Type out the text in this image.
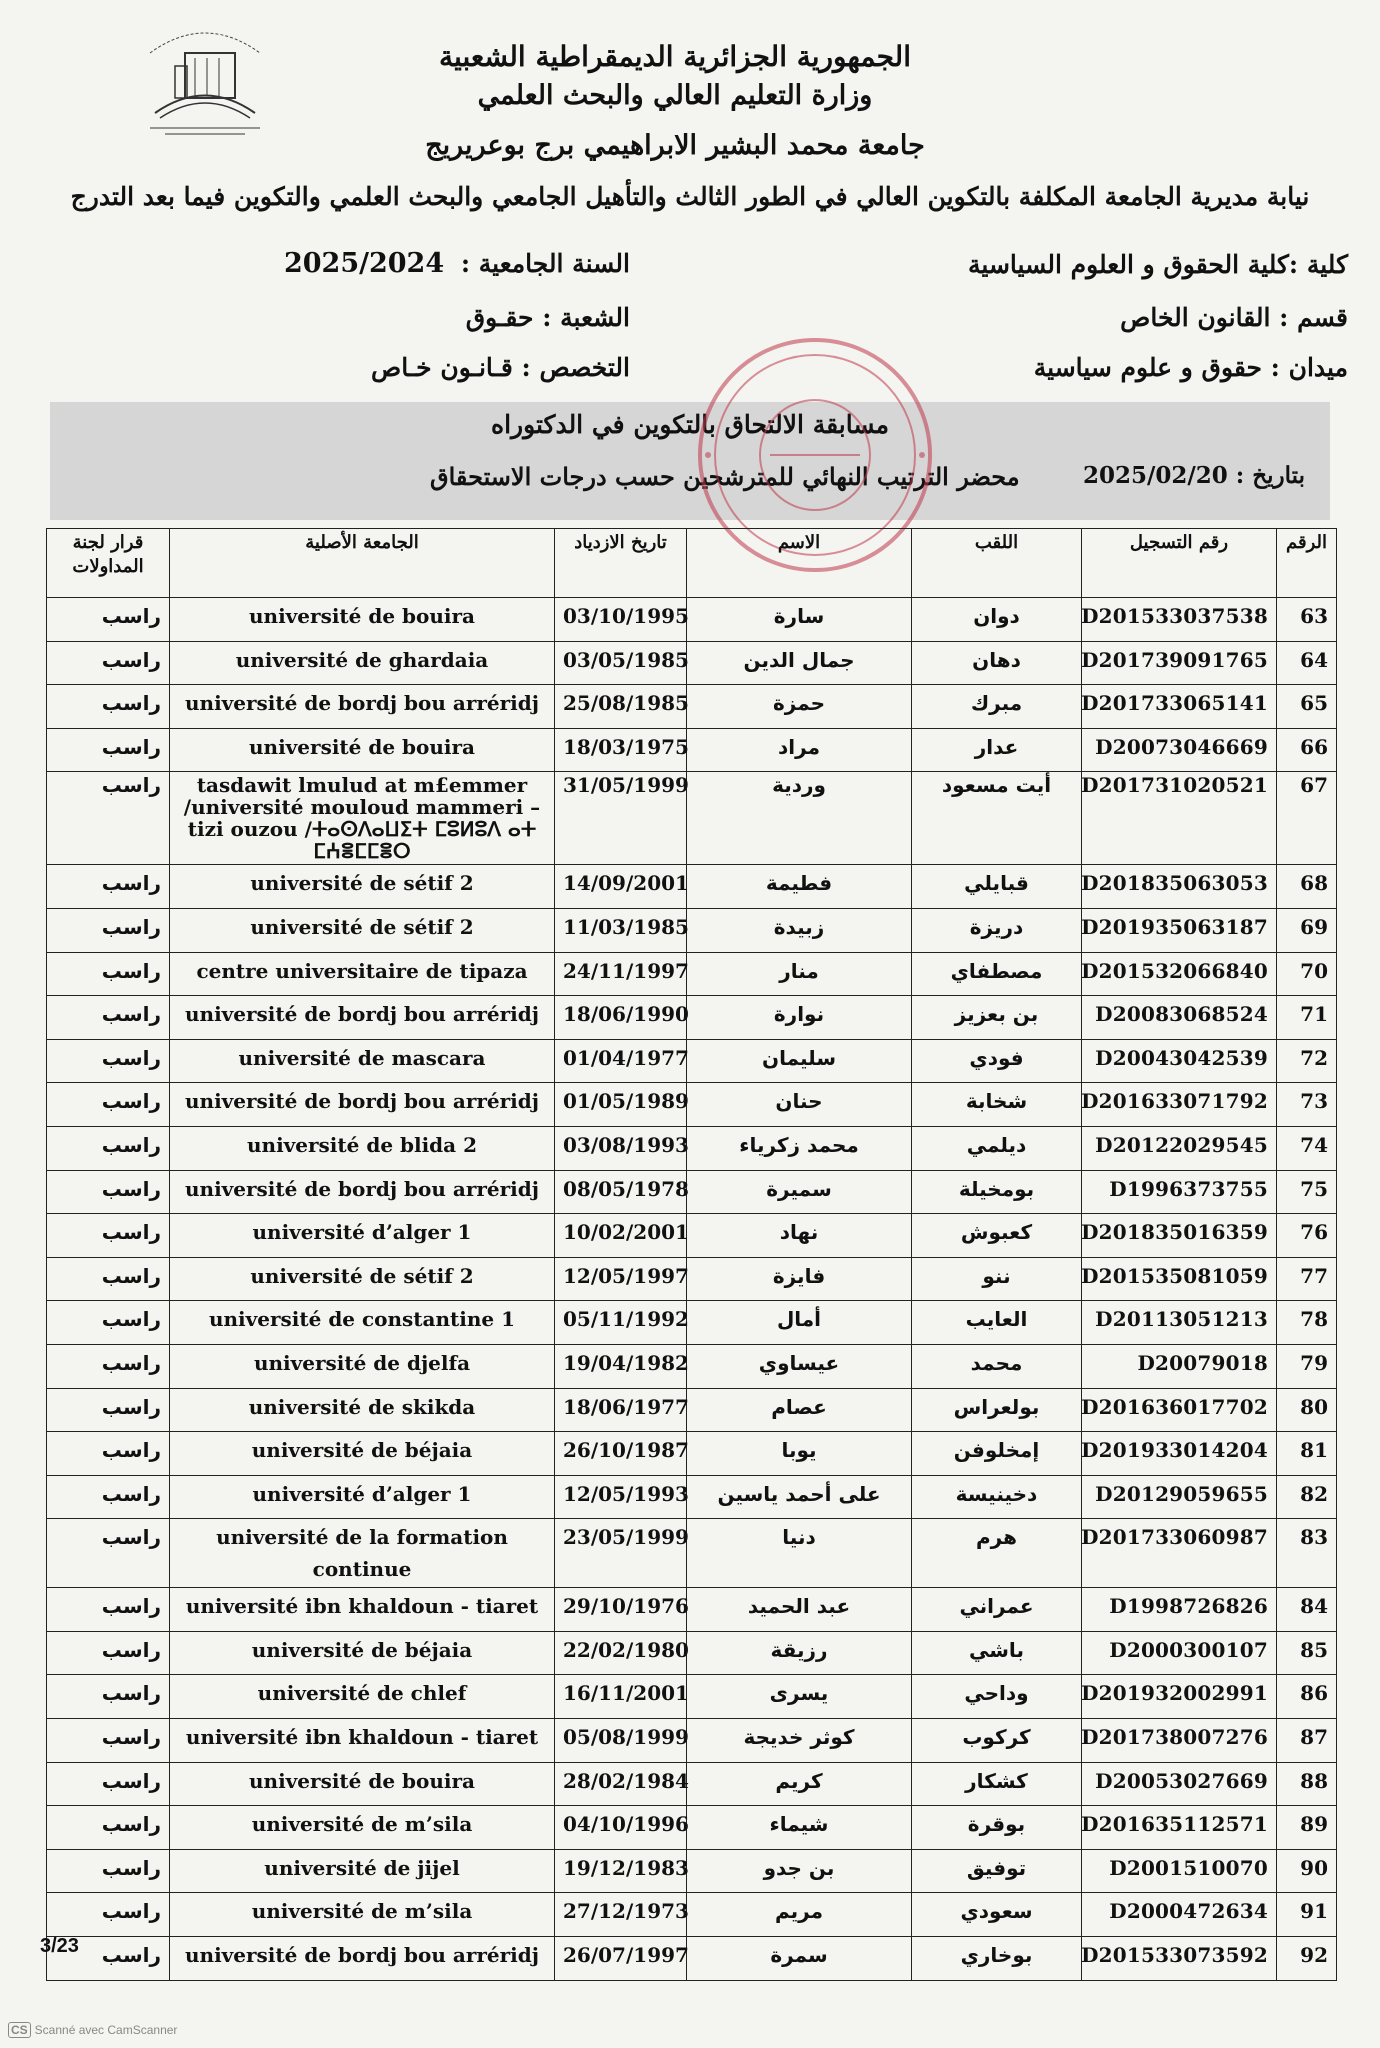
الجمهورية الجزائرية الديمقراطية الشعبية
وزارة التعليم العالي والبحث العلمي
جامعة محمد البشير الابراهيمي برج بوعريريج
نيابة مديرية الجامعة المكلفة بالتكوين العالي في الطور الثالث والتأهيل الجامعي والبحث العلمي والتكوين فيما بعد التدرج
كلية :كلية الحقوق و العلوم السياسية
قسم : القانون الخاص
ميدان : حقوق و علوم سياسية
السنة الجامعية : 2025/2024
الشعبة : حقـوق
التخصص : قـانـون خـاص
مسابقة الالتحاق بالتكوين في الدكتوراه
محضر الترتيب النهائي للمترشحين حسب درجات الاستحقاق	بتاريخ : 2025/02/20
الرقم	رقم التسجيل	اللقب	الاسم	تاريخ الازدياد	الجامعة الأصلية	قرار لجنة المداولات
63	D201533037538	دوان	سارة	03/10/1995	université de bouira	راسب
64	D201739091765	دهان	جمال الدين	03/05/1985	université de ghardaia	راسب
65	D201733065141	مبرك	حمزة	25/08/1985	université de bordj bou arréridj	راسب
66	D20073046669	عدار	مراد	18/03/1975	université de bouira	راسب
67	D201731020521	أيت مسعود	وردية	31/05/1999	tasdawit lmulud at m£emmer /université mouloud mammeri – tizi ouzou /ⵜⴰⵙⴷⴰⵡⵉⵜ ⵎⵓⵍⵓⴷ ⴰⵜ ⵎⵄⴻⵎⵎⴻⵔ	راسب
68	D201835063053	قبايلي	فطيمة	14/09/2001	université de sétif 2	راسب
69	D201935063187	دريزة	زبيدة	11/03/1985	université de sétif 2	راسب
70	D201532066840	مصطفاي	منار	24/11/1997	centre universitaire de tipaza	راسب
71	D20083068524	بن بعزيز	نوارة	18/06/1990	université de bordj bou arréridj	راسب
72	D20043042539	فودي	سليمان	01/04/1977	université de mascara	راسب
73	D201633071792	شخابة	حنان	01/05/1989	université de bordj bou arréridj	راسب
74	D20122029545	ديلمي	محمد زكرياء	03/08/1993	université de blida 2	راسب
75	D1996373755	بومخيلة	سميرة	08/05/1978	université de bordj bou arréridj	راسب
76	D201835016359	كعبوش	نهاد	10/02/2001	université d’alger 1	راسب
77	D201535081059	ننو	فايزة	12/05/1997	université de sétif 2	راسب
78	D20113051213	العايب	أمال	05/11/1992	université de constantine 1	راسب
79	D20079018	محمد	عيساوي	19/04/1982	université de djelfa	راسب
80	D201636017702	بولعراس	عصام	18/06/1977	université de skikda	راسب
81	D201933014204	إمخلوفن	يوبا	26/10/1987	université de béjaia	راسب
82	D20129059655	دخينيسة	على أحمد ياسين	12/05/1993	université d’alger 1	راسب
83	D201733060987	هرم	دنيا	23/05/1999	université de la formation continue	راسب
84	D1998726826	عمراني	عبد الحميد	29/10/1976	université ibn khaldoun - tiaret	راسب
85	D2000300107	باشي	رزيقة	22/02/1980	université de béjaia	راسب
86	D201932002991	وداحي	يسرى	16/11/2001	université de chlef	راسب
87	D201738007276	كركوب	كوثر خديجة	05/08/1999	université ibn khaldoun - tiaret	راسب
88	D20053027669	كشكار	كريم	28/02/1984	université de bouira	راسب
89	D201635112571	بوقرة	شيماء	04/10/1996	université de m’sila	راسب
90	D2001510070	توفيق	بن جدو	19/12/1983	université de jijel	راسب
91	D2000472634	سعودي	مريم	27/12/1973	université de m’sila	راسب
92	D201533073592	بوخاري	سمرة	26/07/1997	université de bordj bou arréridj	راسب
3/23
CS Scanné avec CamScanner
